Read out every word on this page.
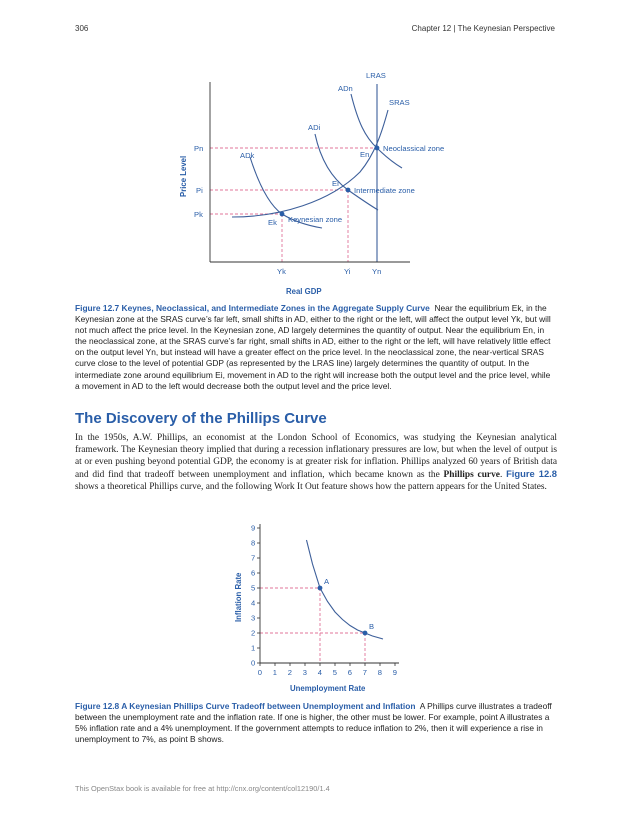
306	Chapter 12 | The Keynesian Perspective
LRAS
SRAS
ADn
ADi
ADk	En
Ei
Ek
Neoclassical zone
Intermediate zone
Keynesian zone
Pn
Pi
Pk
Yk	Yi	Yn
Real GDP
Price Level
Figure 12.7 Keynes, Neoclassical, and Intermediate Zones in the Aggregate Supply Curve Near the equilibrium Ek, in the Keynesian zone at the SRAS curve’s far left, small shifts in AD, either to the right or the left, will affect the output level Yk, but will not much affect the price level. In the Keynesian zone, AD largely determines the quantity of output. Near the equilibrium En, in the neoclassical zone, at the SRAS curve’s far right, small shifts in AD, either to the right or the left, will have relatively little effect on the output level Yn, but instead will have a greater effect on the price level. In the neoclassical zone, the near-vertical SRAS curve close to the level of potential GDP (as represented by the LRAS line) largely determines the quantity of output. In the intermediate zone around equilibrium Ei, movement in AD to the right will increase both the output level and the price level, while a movement in AD to the left would decrease both the output level and the price level.
The Discovery of the Phillips Curve
In the 1950s, A.W. Phillips, an economist at the London School of Economics, was studying the Keynesian analytical framework. The Keynesian theory implied that during a recession inflationary pressures are low, but when the level of output is at or even pushing beyond potential GDP, the economy is at greater risk for inflation. Phillips analyzed 60 years of British data and did find that tradeoff between unemployment and inflation, which became known as the Phillips curve. Figure 12.8 shows a theoretical Phillips curve, and the following Work It Out feature shows how the pattern appears for the United States.
0
1
2
3
4
5
6
7
8
9
0 1 2 3 4 5 6 7 8 9
A
B
Unemployment Rate
Inflation Rate
Figure 12.8 A Keynesian Phillips Curve Tradeoff between Unemployment and Inflation A Phillips curve illustrates a tradeoff between the unemployment rate and the inflation rate. If one is higher, the other must be lower. For example, point A illustrates a 5% inflation rate and a 4% unemployment. If the government attempts to reduce inflation to 2%, then it will experience a rise in unemployment to 7%, as point B shows.
This OpenStax book is available for free at http://cnx.org/content/col12190/1.4
